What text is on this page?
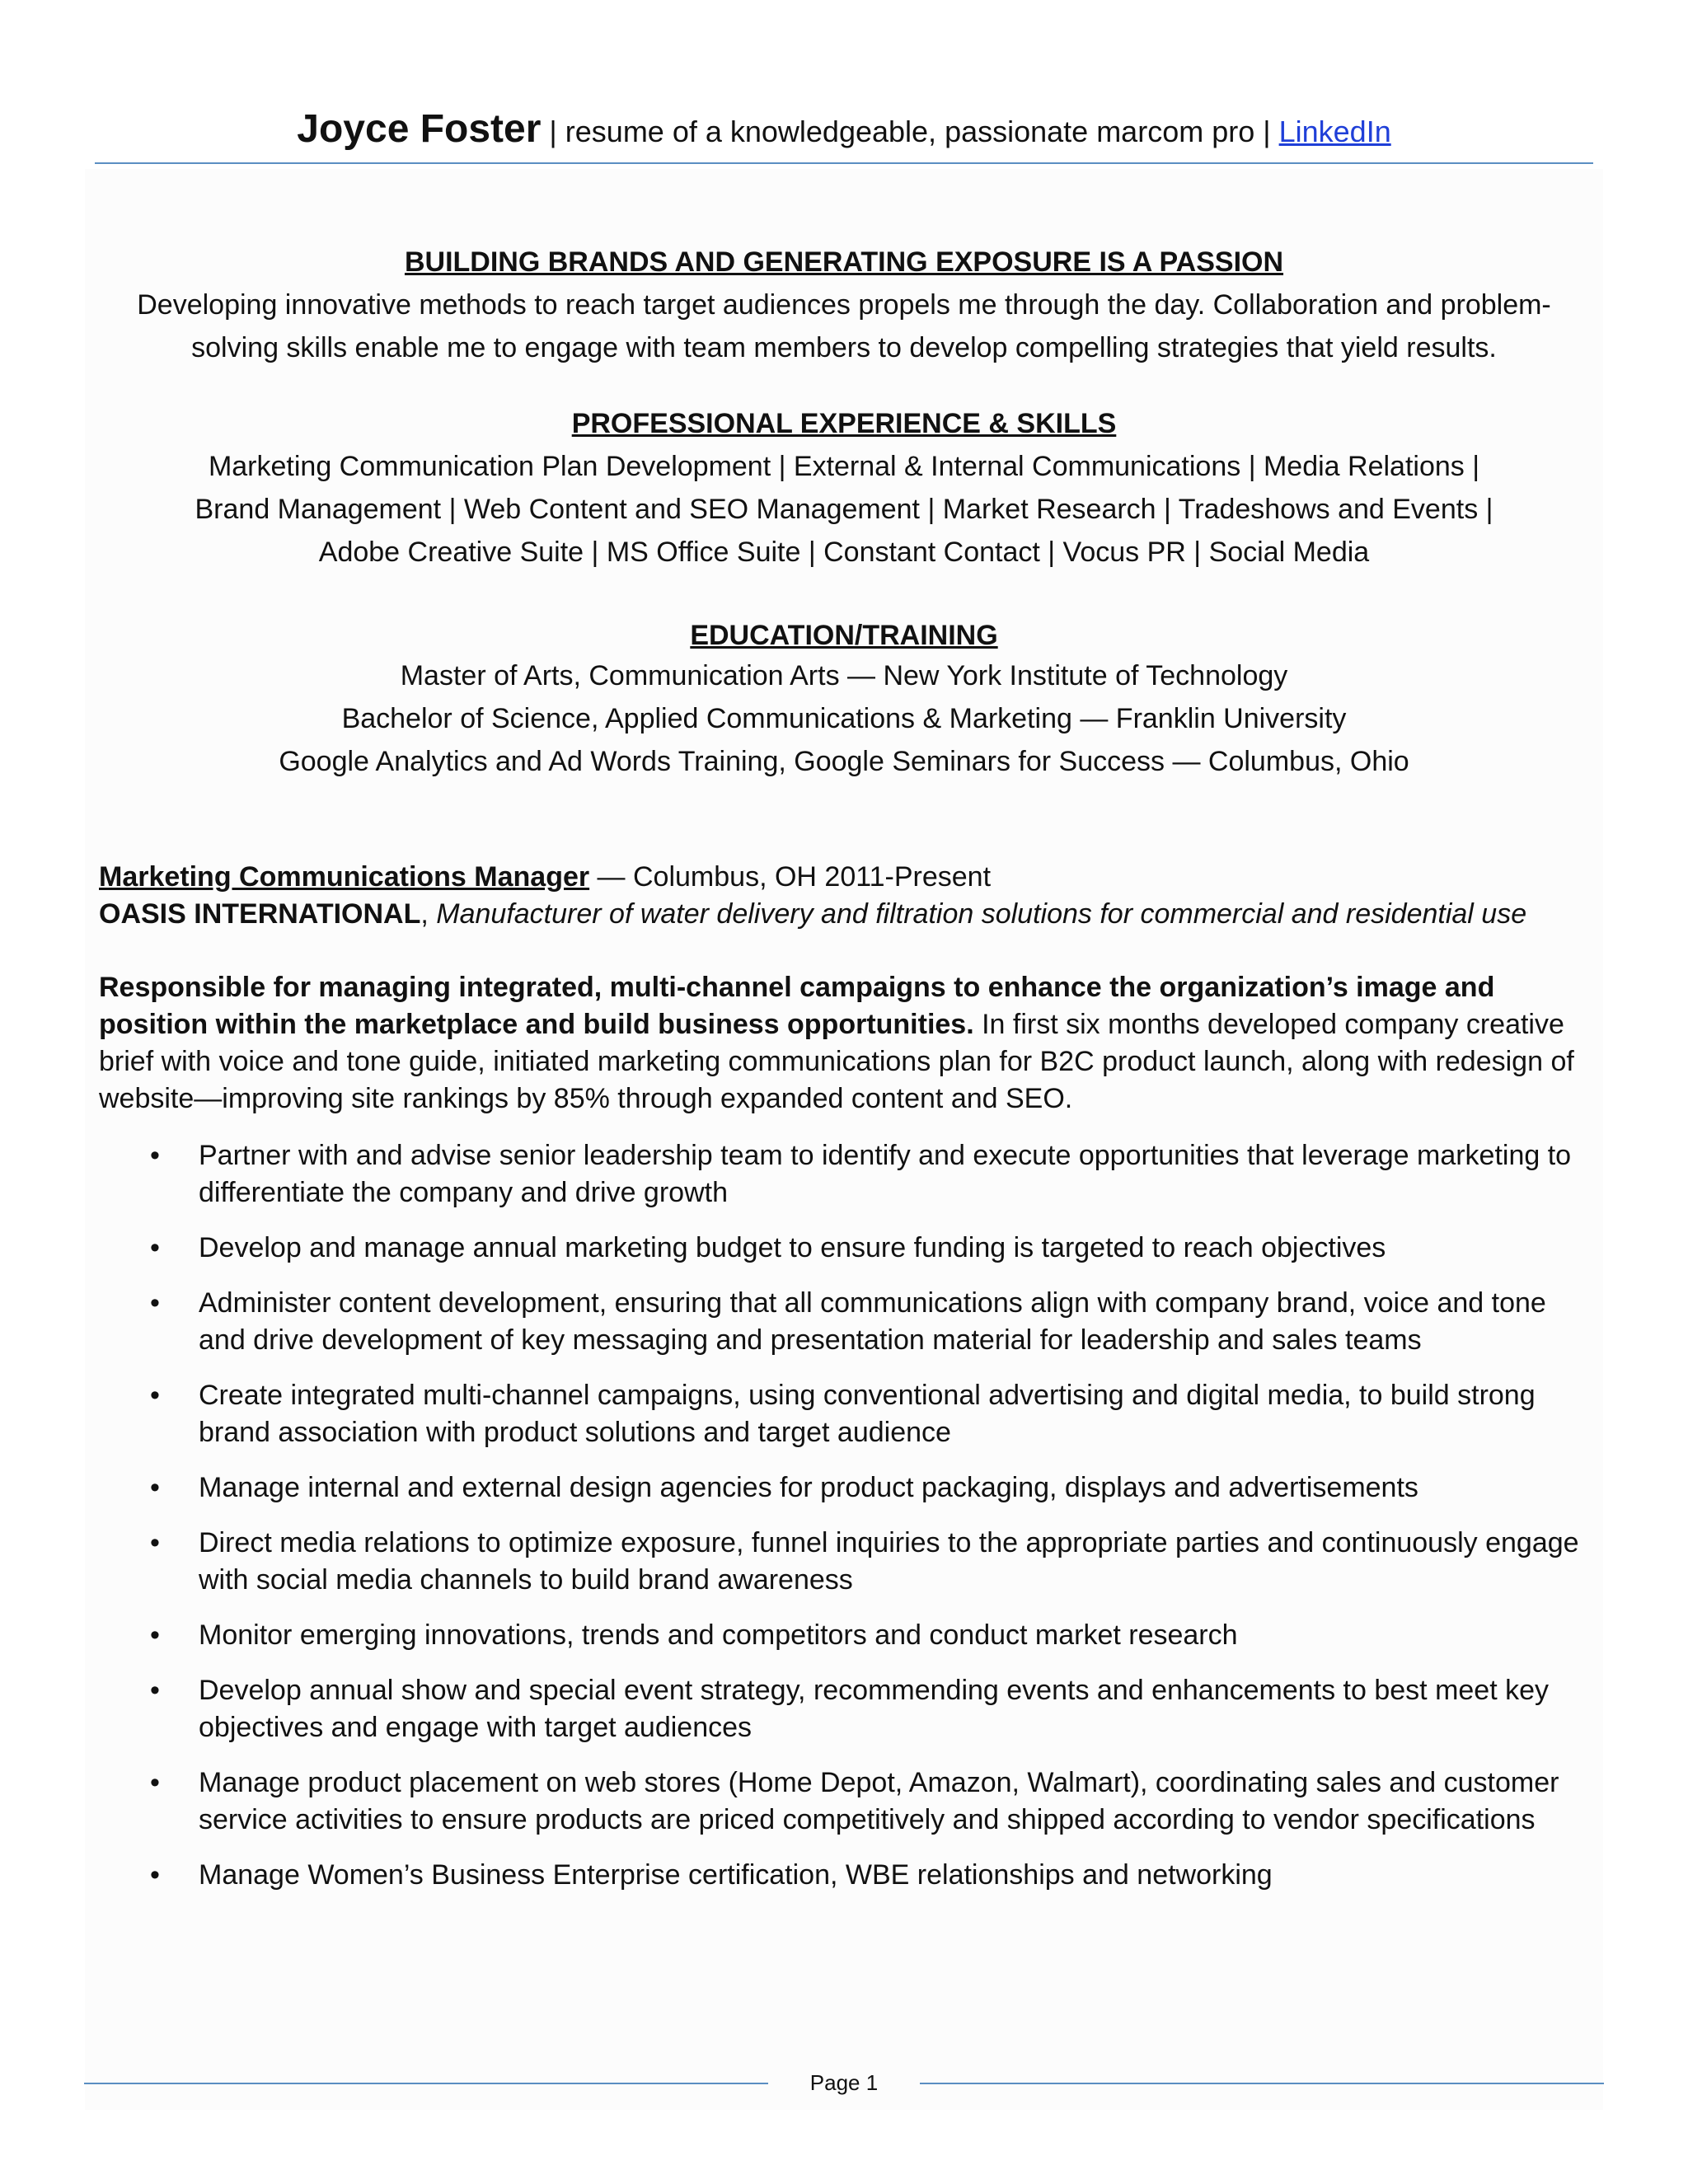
Joyce Foster | resume of a knowledgeable, passionate marcom pro | LinkedIn
BUILDING BRANDS AND GENERATING EXPOSURE IS A PASSION
Developing innovative methods to reach target audiences propels me through the day. Collaboration and problem-
solving skills enable me to engage with team members to develop compelling strategies that yield results.
PROFESSIONAL EXPERIENCE & SKILLS
Marketing Communication Plan Development | External & Internal Communications | Media Relations |
Brand Management | Web Content and SEO Management | Market Research | Tradeshows and Events |
Adobe Creative Suite | MS Office Suite | Constant Contact | Vocus PR | Social Media
EDUCATION/TRAINING
Master of Arts, Communication Arts — New York Institute of Technology
Bachelor of Science, Applied Communications & Marketing — Franklin University
Google Analytics and Ad Words Training, Google Seminars for Success — Columbus, Ohio
Marketing Communications Manager — Columbus, OH 2011-Present
OASIS INTERNATIONAL, Manufacturer of water delivery and filtration solutions for commercial and residential use
Responsible for managing integrated, multi-channel campaigns to enhance the organization’s image and position within the marketplace and build business opportunities. In first six months developed company creative brief with voice and tone guide, initiated marketing communications plan for B2C product launch, along with redesign of website—improving site rankings by 85% through expanded content and SEO.
•	Partner with and advise senior leadership team to identify and execute opportunities that leverage marketing to differentiate the company and drive growth
•	Develop and manage annual marketing budget to ensure funding is targeted to reach objectives
•	Administer content development, ensuring that all communications align with company brand, voice and tone and drive development of key messaging and presentation material for leadership and sales teams
•	Create integrated multi-channel campaigns, using conventional advertising and digital media, to build strong brand association with product solutions and target audience
•	Manage internal and external design agencies for product packaging, displays and advertisements
•	Direct media relations to optimize exposure, funnel inquiries to the appropriate parties and continuously engage with social media channels to build brand awareness
•	Monitor emerging innovations, trends and competitors and conduct market research
•	Develop annual show and special event strategy, recommending events and enhancements to best meet key objectives and engage with target audiences
•	Manage product placement on web stores (Home Depot, Amazon, Walmart), coordinating sales and customer service activities to ensure products are priced competitively and shipped according to vendor specifications
•	Manage Women’s Business Enterprise certification, WBE relationships and networking
Page 1
